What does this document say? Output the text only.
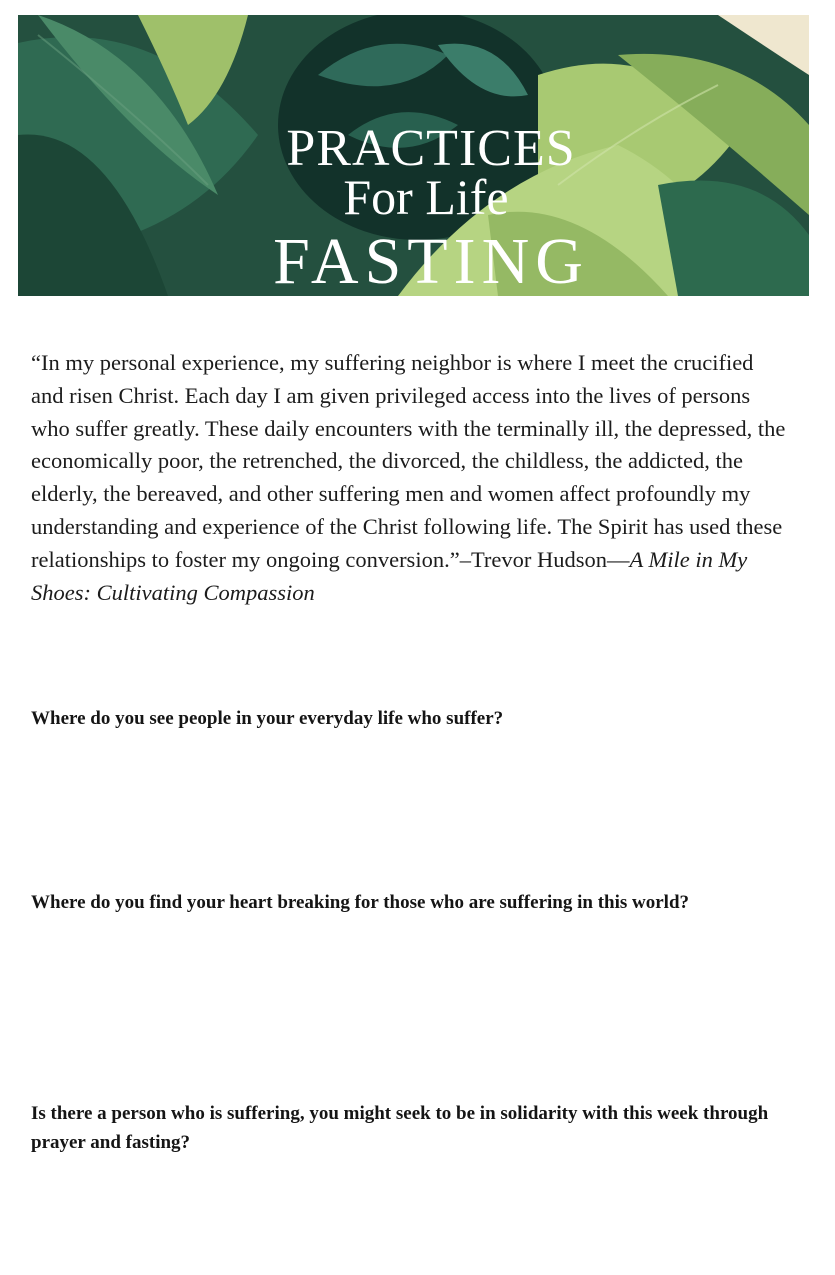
PRACTICES
For Life
FASTING

“In my personal experience, my suffering neighbor is where I meet the crucified and risen Christ. Each day I am given privileged access into the lives of persons who suffer greatly. These daily encounters with the terminally ill, the depressed, the economically poor, the retrenched, the divorced, the childless, the addicted, the elderly, the bereaved, and other suffering men and women affect profoundly my understanding and experience of the Christ following life. The Spirit has used these relationships to foster my ongoing conversion.”–Trevor Hudson—A Mile in My Shoes: Cultivating Compassion

Where do you see people in your everyday life who suffer?

Where do you find your heart breaking for those who are suffering in this world?

Is there a person who is suffering, you might seek to be in solidarity with this week through prayer and fasting?
